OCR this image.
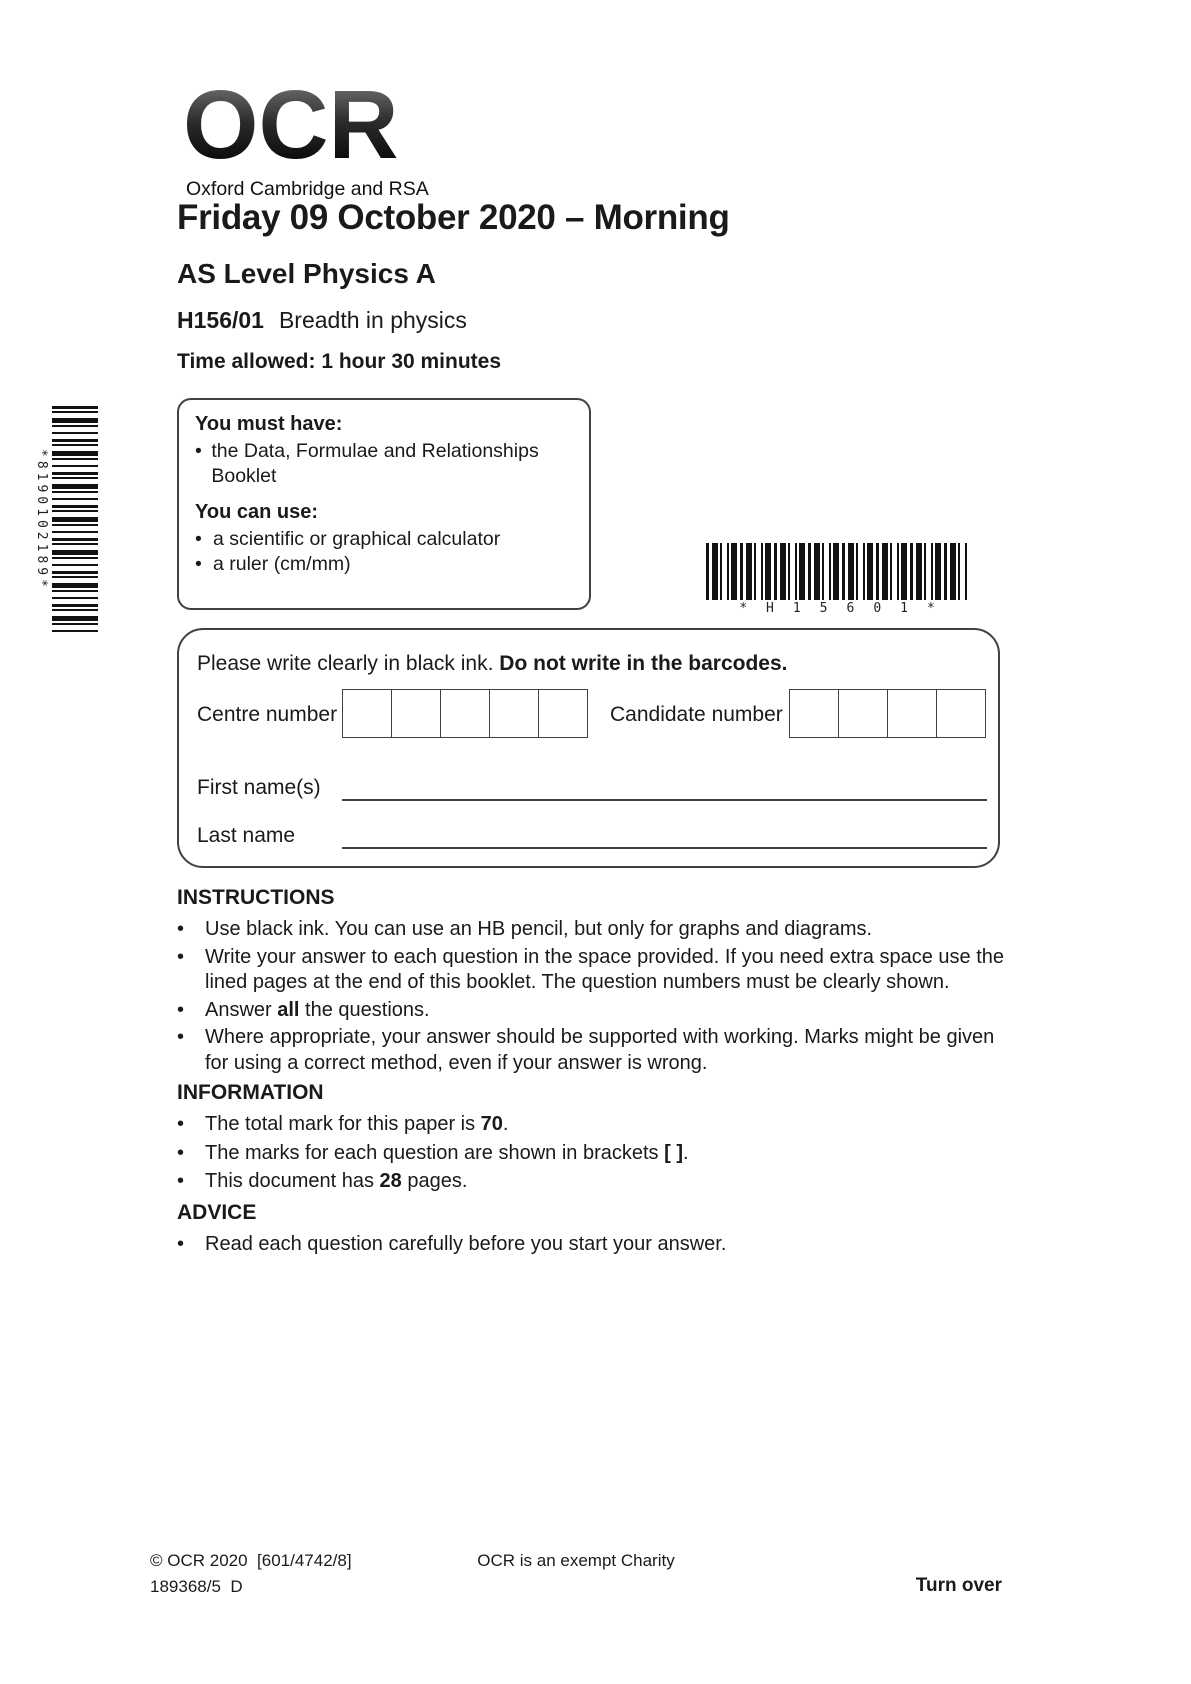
OCR
Oxford Cambridge and RSA
Friday 09 October 2020 – Morning
AS Level Physics A
H156/01 Breadth in physics
Time allowed: 1 hour 30 minutes
*8190102189*
You must have:
• the Data, Formulae and Relationships Booklet
You can use:
• a scientific or graphical calculator
• a ruler (cm/mm)
*H15601*
Please write clearly in black ink. Do not write in the barcodes.
Centre number	Candidate number
First name(s)
Last name
INSTRUCTIONS
•	Use black ink. You can use an HB pencil, but only for graphs and diagrams.
•	Write your answer to each question in the space provided. If you need extra space use the lined pages at the end of this booklet. The question numbers must be clearly shown.
•	Answer all the questions.
•	Where appropriate, your answer should be supported with working. Marks might be given for using a correct method, even if your answer is wrong.
INFORMATION
•	The total mark for this paper is 70.
•	The marks for each question are shown in brackets [ ].
•	This document has 28 pages.
ADVICE
•	Read each question carefully before you start your answer.
© OCR 2020  [601/4742/8]	OCR is an exempt Charity
189368/5  D	Turn over
